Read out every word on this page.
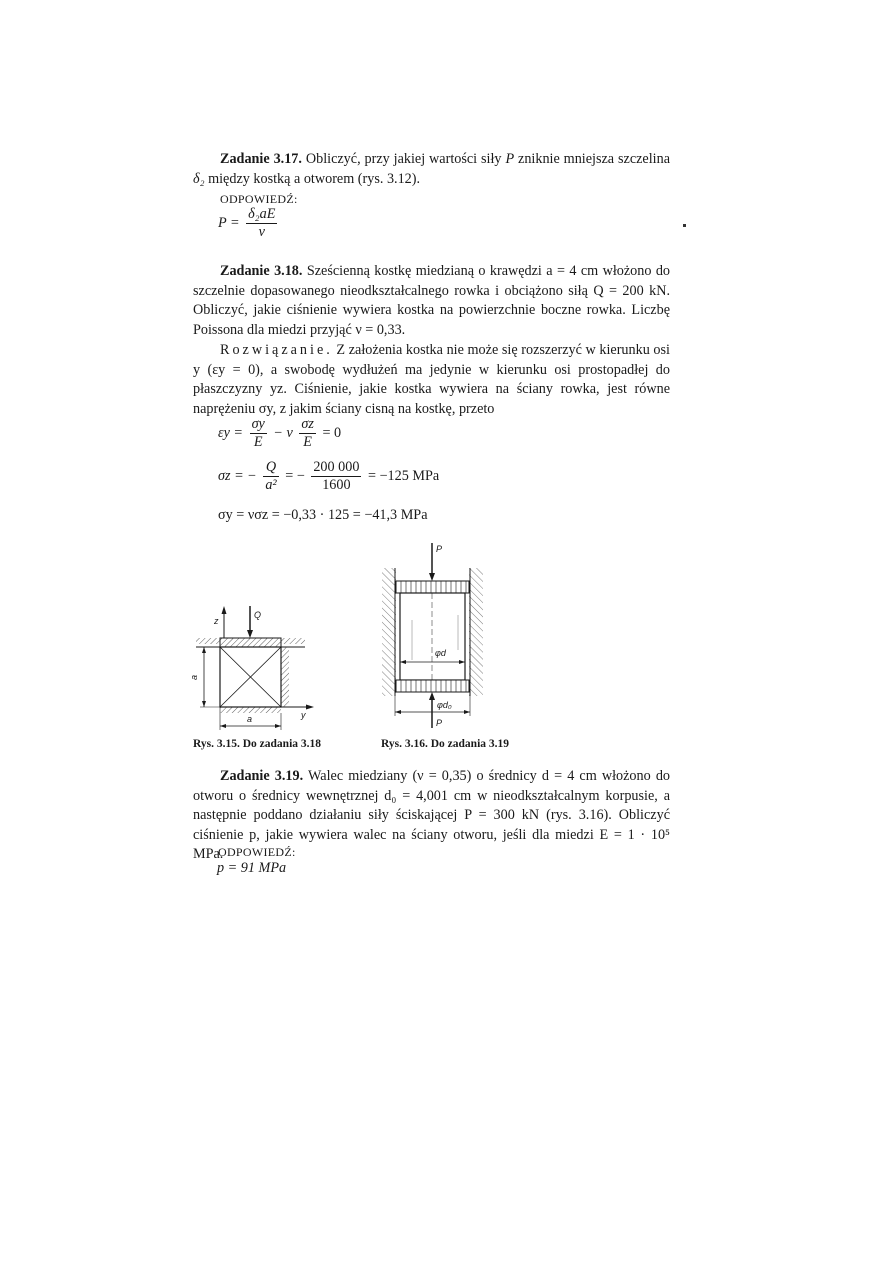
Zadanie 3.17. Obliczyć, przy jakiej wartości siły P zniknie mniejsza szczelina δ₂ między kostką a otworem (rys. 3.12).
ODPOWIEDŹ:
$P = \frac{\text{δ₂aE}}{\nu}$
Zadanie 3.18. Sześcienną kostkę miedzianą o krawędzi a = 4 cm włożono do szczelnie dopasowanego nieodkształcalnego rowka i obciążono siłą Q = 200 kN. Obliczyć, jakie ciśnienie wywiera kostka na powierzchnie boczne rowka. Liczbę Poissona dla miedzi przyjąć ν = 0,33.
Rozwiązanie. Z założenia kostka nie może się rozszerzyć w kierunku osi y (εy = 0), a swobodę wydłużeń ma jedynie w kierunku osi prostopadłej do płaszczyzny yz. Ciśnienie, jakie kostka wywiera na ściany rowka, jest równe naprężeniu σy, z jakim ściany cisną na kostkę, przeto
$\varepsilon y = \frac{\sigma y}{E} - \nu \frac{\sigma z}{E} = 0$
σz = − $\frac{Q}{\text{a²}}$ = − $\frac{200 000}{1600} = -125$ MPa
σy = νσz = −0,33 · 125 = −41,3 MPa
z
Q
a
a	y
P
P
φd
φd₀
Rys. 3.15. Do zadania 3.18	Rys. 3.16. Do zadania 3.19
Zadanie 3.19. Walec miedziany (ν = 0,35) o średnicy d = 4 cm włożono do otworu o średnicy wewnętrznej d₀ = 4,001 cm w nieodkształcalnym korpusie, a następnie poddano działaniu siły ściskającej P = 300 kN (rys. 3.16). Obliczyć ciśnienie p, jakie wywiera walec na ściany otworu, jeśli dla miedzi E = 1 · 10⁵ MPa.
ODPOWIEDŹ:
p = 91 MPa
